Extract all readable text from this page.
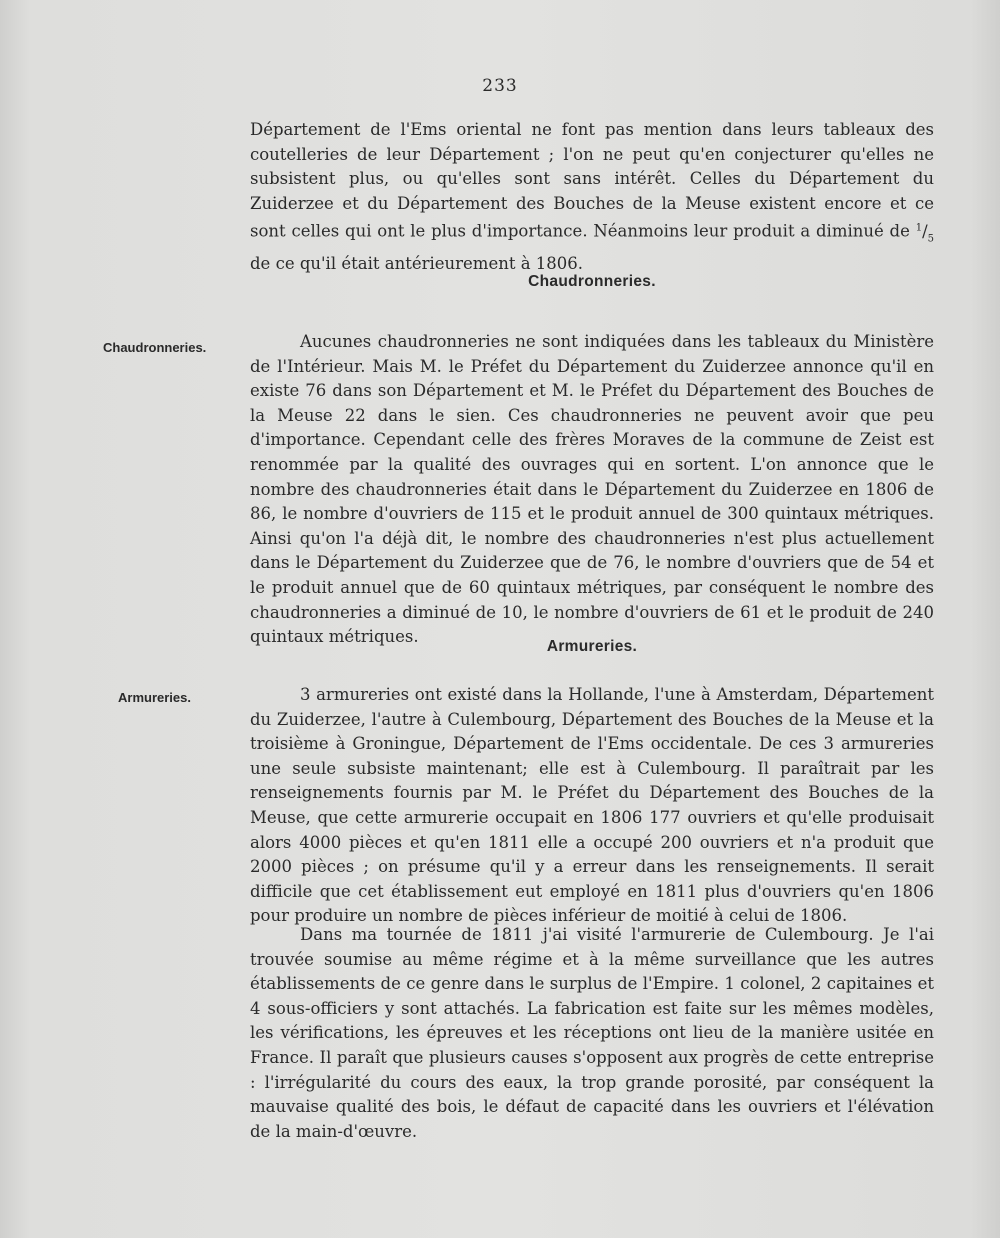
233

Département de l'Ems oriental ne font pas mention dans leurs tableaux des coutelleries de leur Département ; l'on ne peut qu'en conjecturer qu'elles ne subsistent plus, ou qu'elles sont sans intérêt. Celles du Département du Zuiderzee et du Département des Bouches de la Meuse existent encore et ce sont celles qui ont le plus d'importance. Néanmoins leur produit a diminué de $^1/_5$ de ce qu'il était antérieurement à 1806.

Chaudronneries.
Chaudronneries.	Aucunes chaudronneries ne sont indiquées dans les tableaux du Ministère de l'Intérieur. Mais M. le Préfet du Département du Zuiderzee annonce qu'il en existe 76 dans son Département et M. le Préfet du Département des Bouches de la Meuse 22 dans le sien. Ces chaudronneries ne peuvent avoir que peu d'importance. Cependant celle des frères Moraves de la commune de Zeist est renommée par la qualité des ouvrages qui en sortent. L'on annonce que le nombre des chaudronneries était dans le Département du Zuiderzee en 1806 de 86, le nombre d'ouvriers de 115 et le produit annuel de 300 quintaux métriques. Ainsi qu'on l'a déjà dit, le nombre des chaudronneries n'est plus actuellement dans le Département du Zuiderzee que de 76, le nombre d'ouvriers que de 54 et le produit annuel que de 60 quintaux métriques, par conséquent le nombre des chaudronneries a diminué de 10, le nombre d'ouvriers de 61 et le produit de 240 quintaux métriques.

Armureries.
Armureries.	3 armureries ont existé dans la Hollande, l'une à Amsterdam, Département du Zuiderzee, l'autre à Culembourg, Département des Bouches de la Meuse et la troisième à Groningue, Département de l'Ems occidentale. De ces 3 armureries une seule subsiste maintenant; elle est à Culembourg. Il paraîtrait par les renseignements fournis par M. le Préfet du Département des Bouches de la Meuse, que cette armurerie occupait en 1806 177 ouvriers et qu'elle produisait alors 4000 pièces et qu'en 1811 elle a occupé 200 ouvriers et n'a produit que 2000 pièces ; on présume qu'il y a erreur dans les renseignements. Il serait difficile que cet établissement eut employé en 1811 plus d'ouvriers qu'en 1806 pour produire un nombre de pièces inférieur de moitié à celui de 1806.

Dans ma tournée de 1811 j'ai visité l'armurerie de Culembourg. Je l'ai trouvée soumise au même régime et à la même surveillance que les autres établissements de ce genre dans le surplus de l'Empire. 1 colonel, 2 capitaines et 4 sous-officiers y sont attachés. La fabrication est faite sur les mêmes modèles, les vérifications, les épreuves et les réceptions ont lieu de la manière usitée en France. Il paraît que plusieurs causes s'opposent aux progrès de cette entreprise : l'irrégularité du cours des eaux, la trop grande porosité, par conséquent la mauvaise qualité des bois, le défaut de capacité dans les ouvriers et l'élévation de la main-d'œuvre.
